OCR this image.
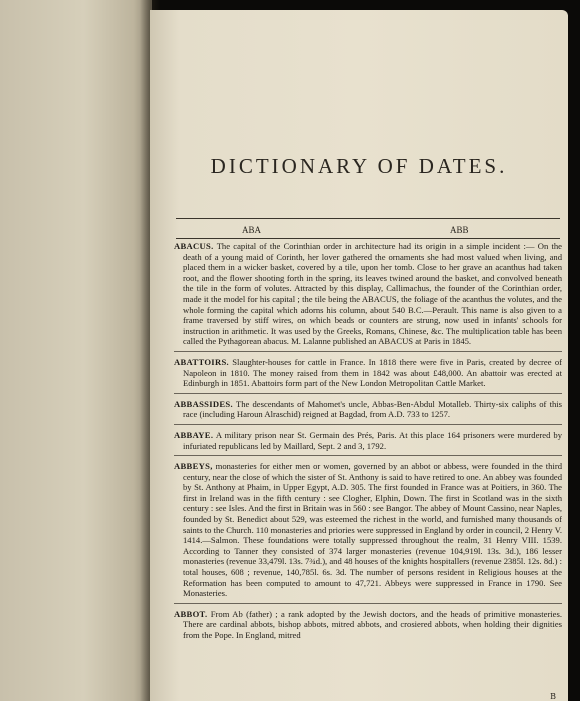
DICTIONARY OF DATES.
ABA	ABB

ABACUS. The capital of the Corinthian order in architecture had its origin in a simple incident :— On the death of a young maid of Corinth, her lover gathered the ornaments she had most valued when living, and placed them in a wicker basket, covered by a tile, upon her tomb. Close to her grave an acanthus had taken root, and the flower shooting forth in the spring, its leaves twined around the basket, and convolved beneath the tile in the form of volutes. Attracted by this display, Callimachus, the founder of the Corinthian order, made it the model for his capital ; the tile being the ABACUS, the foliage of the acanthus the volutes, and the whole forming the capital which adorns his column, about 540 B.C.—Perault. This name is also given to a frame traversed by stiff wires, on which beads or counters are strung, now used in infants' schools for instruction in arithmetic. It was used by the Greeks, Romans, Chinese, &c. The multiplication table has been called the Pythagorean abacus. M. Lalanne published an ABACUS at Paris in 1845.

ABATTOIRS. Slaughter-houses for cattle in France. In 1818 there were five in Paris, created by decree of Napoleon in 1810. The money raised from them in 1842 was about £48,000. An abattoir was erected at Edinburgh in 1851. Abattoirs form part of the New London Metropolitan Cattle Market.

ABBASSIDES. The descendants of Mahomet's uncle, Abbas-Ben-Abdul Motalleb. Thirty-six caliphs of this race (including Haroun Alraschid) reigned at Bagdad, from A.D. 733 to 1257.

ABBAYE. A military prison near St. Germain des Prés, Paris. At this place 164 prisoners were murdered by infuriated republicans led by Maillard, Sept. 2 and 3, 1792.

ABBEYS, monasteries for either men or women, governed by an abbot or abbess, were founded in the third century, near the close of which the sister of St. Anthony is said to have retired to one. An abbey was founded by St. Anthony at Phaim, in Upper Egypt, A.D. 305. The first founded in France was at Poitiers, in 360. The first in Ireland was in the fifth century : see Clogher, Elphin, Down. The first in Scotland was in the sixth century : see Isles. And the first in Britain was in 560 : see Bangor. The abbey of Mount Cassino, near Naples, founded by St. Benedict about 529, was esteemed the richest in the world, and furnished many thousands of saints to the Church. 110 monasteries and priories were suppressed in England by order in council, 2 Henry V. 1414.—Salmon. These foundations were totally suppressed throughout the realm, 31 Henry VIII. 1539. According to Tanner they consisted of 374 larger monasteries (revenue 104,919l. 13s. 3d.), 186 lesser monasteries (revenue 33,479l. 13s. 7¾d.), and 48 houses of the knights hospitallers (revenue 2385l. 12s. 8d.) : total houses, 608 ; revenue, 140,785l. 6s. 3d. The number of persons resident in Religious houses at the Reformation has been computed to amount to 47,721. Abbeys were suppressed in France in 1790. See Monasteries.

ABBOT. From Ab (father) ; a rank adopted by the Jewish doctors, and the heads of primitive monasteries. There are cardinal abbots, bishop abbots, mitred abbots, and crosiered abbots, when holding their dignities from the Pope. In England, mitred

B
